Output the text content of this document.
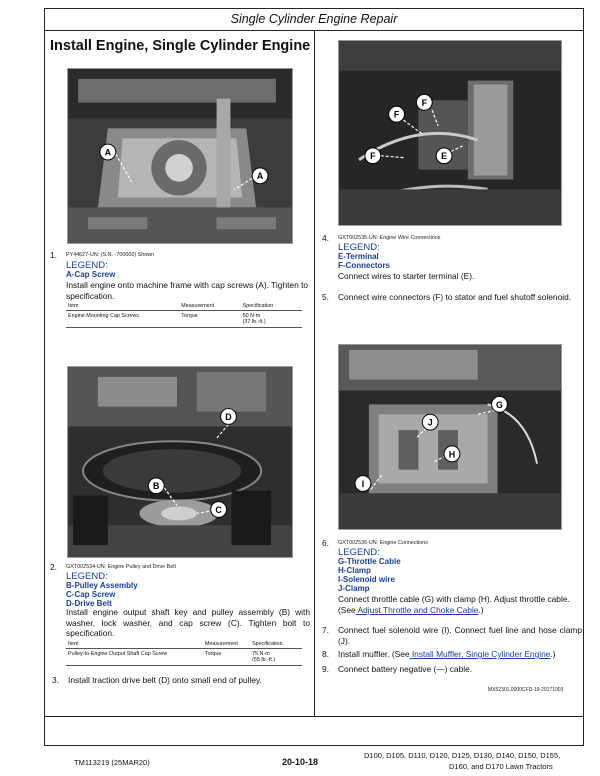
Single Cylinder Engine Repair
Install Engine, Single Cylinder Engine
A
A
1. PY44627-UN: (S.N. -700000) Shown
LEGEND:
A-Cap Screw
Install engine onto machine frame with cap screws (A). Tighten to specification.
Item	Measurement	Specification
Engine Mounting Cap Screws	Torque	50 N·m
(37 lb.-ft.)
D
B
C
2. GXT002534-UN: Engine Pulley and Drive Belt
LEGEND:
B-Pulley Assembly
C-Cap Screw
D-Drive Belt
Install engine output shaft key and pulley assembly (B) with washer, lock washer, and cap screw (C). Tighten bolt to specification.
Item	Measurement	Specification
Pulley-to-Engine Output Shaft Cap Screw	Torque	75 N·m
(55 lb.-ft.)
3. Install traction drive belt (D) onto small end of pulley.
F
F
F	E
4. GXT002535-UN: Engine Wire Connections
LEGEND:
E-Terminal
F-Connectors
Connect wires to starter terminal (E).
5. Connect wire connectors (F) to stator and fuel shutoff solenoid.
G
J
H
I
6. GXT002536-UN: Engine Connections
LEGEND:
G-Throttle Cable
H-Clamp
I-Solenoid wire
J-Clamp
Connect throttle cable (G) with clamp (H). Adjust throttle cable.
(See Adjust Throttle and Choke Cable.)
7. Connect fuel solenoid wire (I). Connect fuel line and hose clamp (J).
8. Install muffler. (See Install Muffler, Single Cylinder Engine.)
9. Connect battery negative (—) cable.
MX52301,0000CFD-19-20171003
TM113219 (25MAR20)	20-10-18
D100, D105, D110, D120, D125, D130, D140, D150, D155,
D160, and D170 Lawn Tractors
